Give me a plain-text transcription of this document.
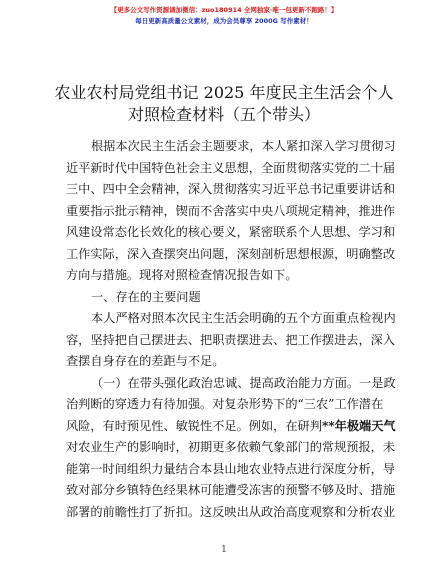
【更多公文写作资源请加微信：zuo180914 全网独家·唯一包更新不跑路！】
每日更新高质量公文素材，成为会员尊享 2000G 写作素材！
农业农村局党组书记 2025 年度民主生活会个人
对照检查材料（五个带头）
根据本次民主生活会主题要求，本人紧扣深入学习贯彻习
近平新时代中国特色社会主义思想，全面贯彻落实党的二十届
三中、四中全会精神，深入贯彻落实习近平总书记重要讲话和
重要指示批示精神，锲而不舍落实中央八项规定精神，推进作
风建设常态化长效化的核心要义，紧密联系个人思想、学习和
工作实际，深入查摆突出问题，深刻剖析思想根源，明确整改
方向与措施。现将对照检查情况报告如下。
一、存在的主要问题
本人严格对照本次民主生活会明确的五个方面重点检视内
容，坚持把自己摆进去、把职责摆进去、把工作摆进去，深入
查摆自身存在的差距与不足。
（一）在带头强化政治忠诚、提高政治能力方面。一是政
治判断的穿透力有待加强。对复杂形势下的“三农”工作潜在
风险，有时预见性、敏锐性不足。例如，在研判**年极端天气
对农业生产的影响时，初期更多依赖气象部门的常规预报，未
能第一时间组织力量结合本县山地农业特点进行深度分析，导
致对部分乡镇特色经果林可能遭受冻害的预警不够及时、措施
部署的前瞻性打了折扣。这反映出从政治高度观察和分析农业
1
